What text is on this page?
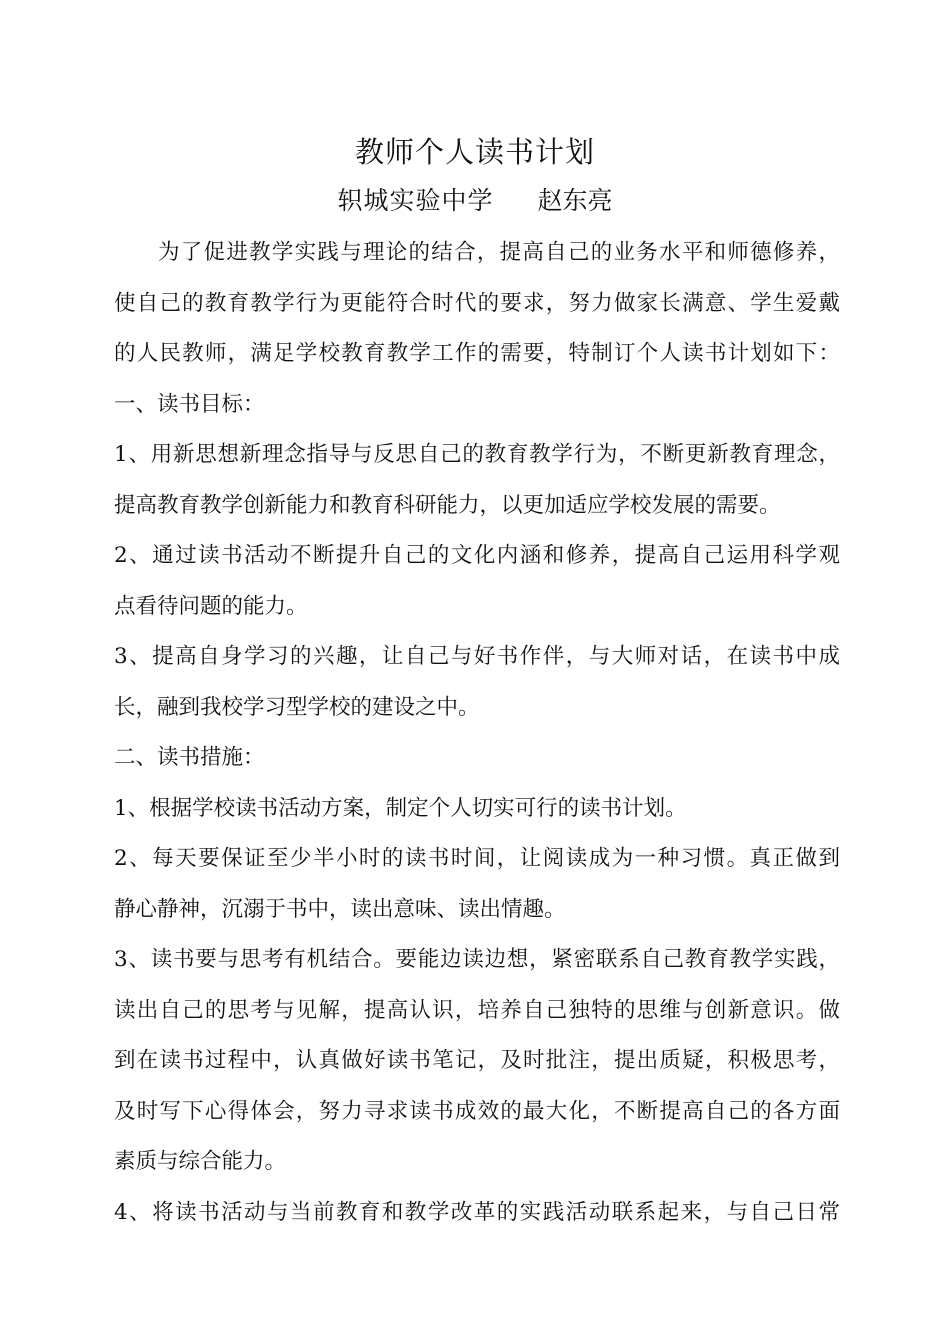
教师个人读书计划
轵城实验中学 赵东亮
为了促进教学实践与理论的结合，提高自己的业务水平和师德修养，
使自己的教育教学行为更能符合时代的要求，努力做家长满意、学生爱戴
的人民教师，满足学校教育教学工作的需要，特制订个人读书计划如下：
一、读书目标：
1、用新思想新理念指导与反思自己的教育教学行为，不断更新教育理念，
提高教育教学创新能力和教育科研能力，以更加适应学校发展的需要。
2、通过读书活动不断提升自己的文化内涵和修养，提高自己运用科学观
点看待问题的能力。
3、提高自身学习的兴趣，让自己与好书作伴，与大师对话，在读书中成
长，融到我校学习型学校的建设之中。
二、读书措施：
1、根据学校读书活动方案，制定个人切实可行的读书计划。
2、每天要保证至少半小时的读书时间，让阅读成为一种习惯。真正做到
静心静神，沉溺于书中，读出意味、读出情趣。
3、读书要与思考有机结合。要能边读边想，紧密联系自己教育教学实践，
读出自己的思考与见解，提高认识，培养自己独特的思维与创新意识。做
到在读书过程中，认真做好读书笔记，及时批注，提出质疑，积极思考，
及时写下心得体会，努力寻求读书成效的最大化，不断提高自己的各方面
素质与综合能力。
4、将读书活动与当前教育和教学改革的实践活动联系起来，与自己日常
